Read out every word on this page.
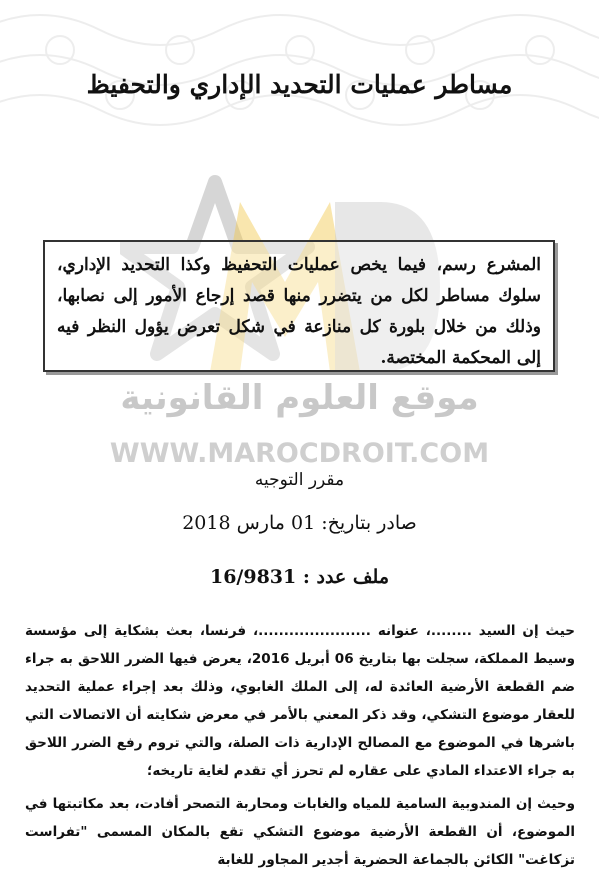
مساطر عمليات التحديد الإداري والتحفيظ
موقع العلوم القانونية
WWW.MAROCDROIT.COM
المشرع رسم، فيما يخص عمليات التحفيظ وكذا التحديد الإداري، سلوك مساطر لكل من يتضرر منها قصد إرجاع الأمور إلى نصابها، وذلك من خلال بلورة كل منازعة في شكل تعرض يؤول النظر فيه إلى المحكمة المختصة.
مقرر التوجيه
صادر بتاريخ: 01 مارس 2018
ملف عدد : 16/9831
حيث إن السيد ........، عنوانه ......................، فرنسا، بعث بشكاية إلى مؤسسة وسيط المملكة، سجلت بها بتاريخ 06 أبريل 2016، يعرض فيها الضرر اللاحق به جراء ضم القطعة الأرضية العائدة له، إلى الملك الغابوي، وذلك بعد إجراء عملية التحديد للعقار موضوع التشكي، وقد ذكر المعني بالأمر في معرض شكايته أن الاتصالات التي باشرها في الموضوع مع المصالح الإدارية ذات الصلة، والتي تروم رفع الضرر اللاحق به جراء الاعتداء المادي على عقاره لم تحرز أي تقدم لغاية تاريخه؛
وحيث إن المندوبية السامية للمياه والغابات ومحاربة التصحر أفادت، بعد مكاتبتها في الموضوع، أن القطعة الأرضية موضوع التشكي تقع بالمكان المسمى "تفراست تزكاغت" الكائن بالجماعة الحضرية أجدير المجاور للغابة
